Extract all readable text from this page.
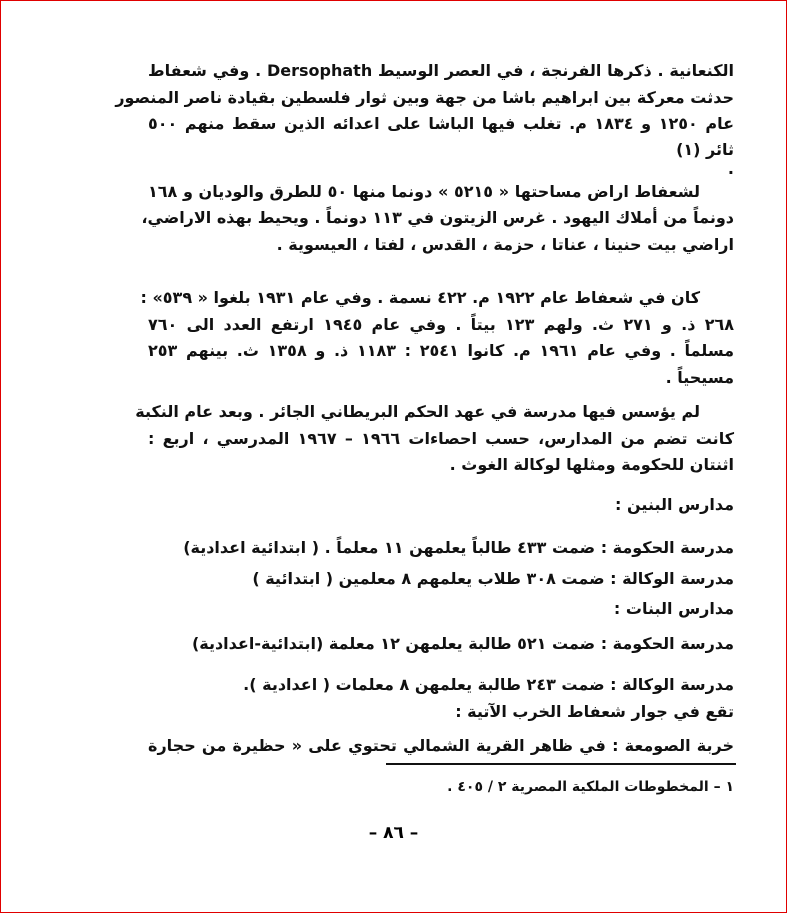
الكنعانية . ذكرها الفرنجة ، في العصر الوسيط Dersophath . وفي شعفاط
حدثت معركة بين ابراهيم باشا من جهة وبين ثوار فلسطين بقيادة ناصر المنصور
عام ١٢٥٠ و ١٨٣٤ م. تغلب فيها الباشا على اعدائه الذين سقط منهم ٥٠٠
ثائر (١)
.
لشعفاط اراض مساحتها « ٥٢١٥ » دونما منها ٥٠ للطرق والوديان و ١٦٨
دونماً من أملاك اليهود . غرس الزيتون في ١١٣ دونماً . ويحيط بهذه الاراضي،
اراضي بيت حنينا ، عناتا ، حزمة ، القدس ، لفتا ، العيسوية .
كان في شعفاط عام ١٩٢٢ م. ٤٢٢ نسمة . وفي عام ١٩٣١ بلغوا « ٥٣٩» :
٢٦٨ ذ. و ٢٧١ ث. ولهم ١٢٣ بيتاً . وفي عام ١٩٤٥ ارتفع العدد الى ٧٦٠
مسلماً . وفي عام ١٩٦١ م. كانوا ٢٥٤١ : ١١٨٣ ذ. و ١٣٥٨ ث. بينهم ٢٥٣
مسيحياً .
لم يؤسس فيها مدرسة في عهد الحكم البريطاني الجائر . وبعد عام النكبة
كانت تضم من المدارس، حسب احصاءات ١٩٦٦ – ١٩٦٧ المدرسي ، اربع :
اثنتان للحكومة ومثلها لوكالة الغوث .
مدارس البنين :
مدرسة الحكومة : ضمت ٤٣٣ طالباً يعلمهن ١١ معلماً . ( ابتدائية اعدادية)
مدرسة الوكالة : ضمت ٣٠٨ طلاب يعلمهم ٨ معلمين ( ابتدائية )
مدارس البنات :
مدرسة الحكومة : ضمت ٥٢١ طالبة يعلمهن ١٢ معلمة (ابتدائية-اعدادية)
مدرسة الوكالة : ضمت ٢٤٣ طالبة يعلمهن ٨ معلمات ( اعدادية ).
تقع في جوار شعفاط الخرب الآتية :
خربة الصومعة : في ظاهر القرية الشمالي تحتوي على « حظيرة من حجارة
١ – المخطوطات الملكية المصرية ٢ / ٤٠٥ .
– ٨٦ –
